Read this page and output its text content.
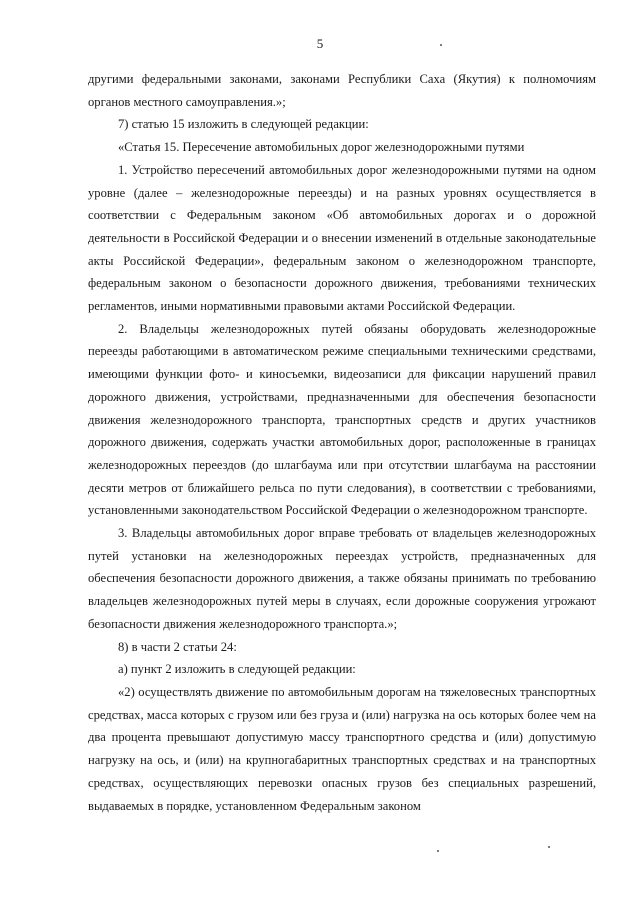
5

другими федеральными законами, законами Республики Саха (Якутия) к полномочиям органов местного самоуправления.»;

7) статью 15 изложить в следующей редакции:

«Статья 15. Пересечение автомобильных дорог железнодорожными путями

1. Устройство пересечений автомобильных дорог железнодорожными путями на одном уровне (далее – железнодорожные переезды) и на разных уровнях осуществляется в соответствии с Федеральным законом «Об автомобильных дорогах и о дорожной деятельности в Российской Федерации и о внесении изменений в отдельные законодательные акты Российской Федерации», федеральным законом о железнодорожном транспорте, федеральным законом о безопасности дорожного движения, требованиями технических регламентов, иными нормативными правовыми актами Российской Федерации.

2. Владельцы железнодорожных путей обязаны оборудовать железнодорожные переезды работающими в автоматическом режиме специальными техническими средствами, имеющими функции фото- и киносъемки, видеозаписи для фиксации нарушений правил дорожного движения, устройствами, предназначенными для обеспечения безопасности движения железнодорожного транспорта, транспортных средств и других участников дорожного движения, содержать участки автомобильных дорог, расположенные в границах железнодорожных переездов (до шлагбаума или при отсутствии шлагбаума на расстоянии десяти метров от ближайшего рельса по пути следования), в соответствии с требованиями, установленными законодательством Российской Федерации о железнодорожном транспорте.

3. Владельцы автомобильных дорог вправе требовать от владельцев железнодорожных путей установки на железнодорожных переездах устройств, предназначенных для обеспечения безопасности дорожного движения, а также обязаны принимать по требованию владельцев железнодорожных путей меры в случаях, если дорожные сооружения угрожают безопасности движения железнодорожного транспорта.»;

8) в части 2 статьи 24:

а) пункт 2 изложить в следующей редакции:

«2) осуществлять движение по автомобильным дорогам на тяжеловесных транспортных средствах, масса которых с грузом или без груза и (или) нагрузка на ось которых более чем на два процента превышают допустимую массу транспортного средства и (или) допустимую нагрузку на ось, и (или) на крупногабаритных транспортных средствах и на транспортных средствах, осуществляющих перевозки опасных грузов без специальных разрешений, выдаваемых в порядке, установленном Федеральным законом
